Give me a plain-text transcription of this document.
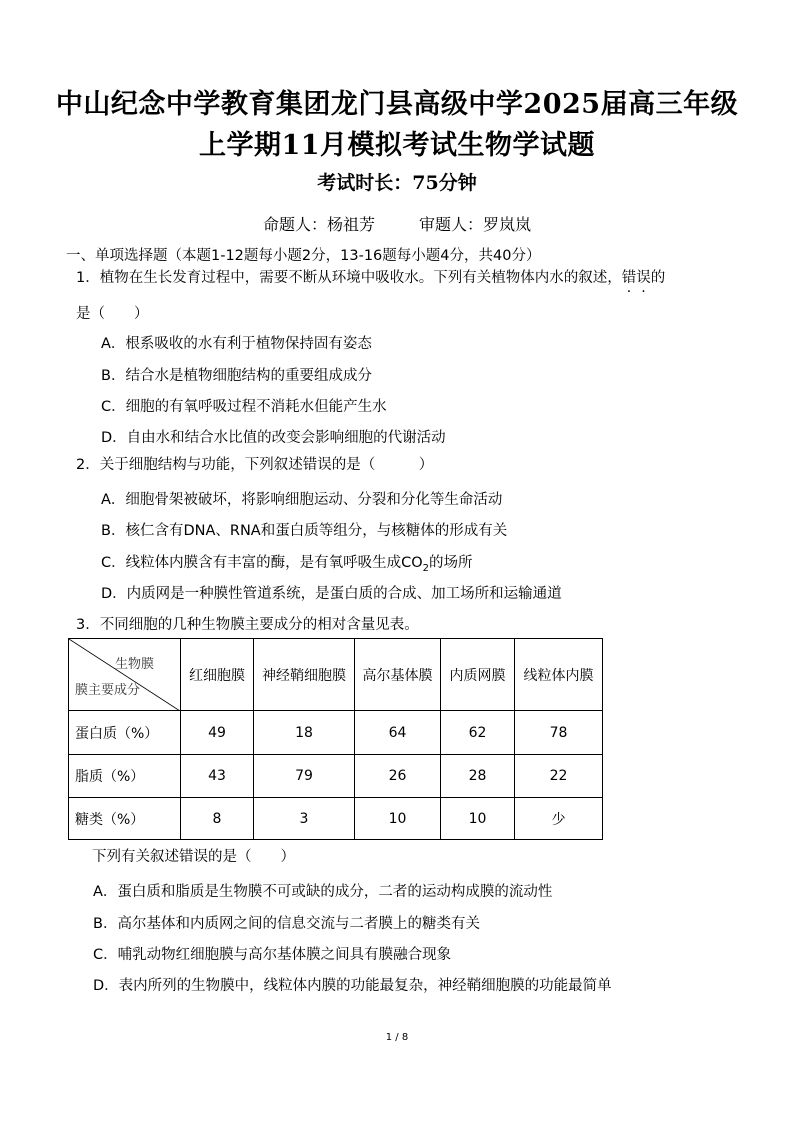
中山纪念中学教育集团龙门县高级中学2025届高三年级
上学期11月模拟考试生物学试题
考试时长：75分钟
命题人：杨祖芳	审题人：罗岚岚
一、单项选择题（本题1-12题每小题2分，13-16题每小题4分，共40分）
1．植物在生长发育过程中，需要不断从环境中吸收水。下列有关植物体内水的叙述，错误的
是（　　）
A．根系吸收的水有利于植物保持固有姿态
B．结合水是植物细胞结构的重要组成成分
C．细胞的有氧呼吸过程不消耗水但能产生水
D．自由水和结合水比值的改变会影响细胞的代谢活动
2．关于细胞结构与功能，下列叙述错误的是（　　　）
A．细胞骨架被破坏，将影响细胞运动、分裂和分化等生命活动
B．核仁含有DNA、RNA和蛋白质等组分，与核糖体的形成有关
C．线粒体内膜含有丰富的酶，是有氧呼吸生成$CO_2$的场所
D．内质网是一种膜性管道系统，是蛋白质的合成、加工场所和运输通道
3．不同细胞的几种生物膜主要成分的相对含量见表。
生物膜
膜主要成分	红细胞膜	神经鞘细胞膜	高尔基体膜	内质网膜	线粒体内膜
蛋白质（%）	49	18	64	62	78
脂质（%）	43	79	26	28	22
糖类（%）	8	3	10	10	少
下列有关叙述错误的是（　　）
A．蛋白质和脂质是生物膜不可或缺的成分，二者的运动构成膜的流动性
B．高尔基体和内质网之间的信息交流与二者膜上的糖类有关
C．哺乳动物红细胞膜与高尔基体膜之间具有膜融合现象
D．表内所列的生物膜中，线粒体内膜的功能最复杂，神经鞘细胞膜的功能最简单
1 / 8
